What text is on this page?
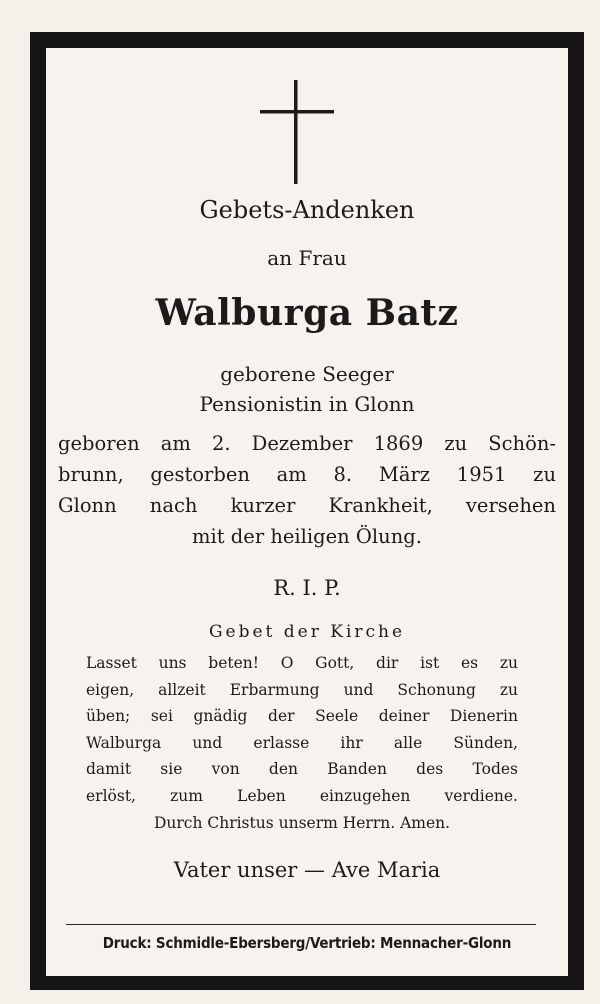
Gebets-Andenken

an Frau

Walburga Batz

geborene Seeger

Pensionistin in Glonn

geboren am 2. Dezember 1869 zu Schön-
brunn, gestorben am 8. März 1951 zu
Glonn nach kurzer Krankheit, versehen
mit der heiligen Ölung.

R. I. P.

Gebet der Kirche

Lasset uns beten! O Gott, dir ist es zu
eigen, allzeit Erbarmung und Schonung zu
üben; sei gnädig der Seele deiner Dienerin
Walburga und erlasse ihr alle Sünden,
damit sie von den Banden des Todes
erlöst, zum Leben einzugehen verdiene.
Durch Christus unserm Herrn. Amen.

Vater unser — Ave Maria

Druck: Schmidle-Ebersberg/Vertrieb: Mennacher-Glonn
